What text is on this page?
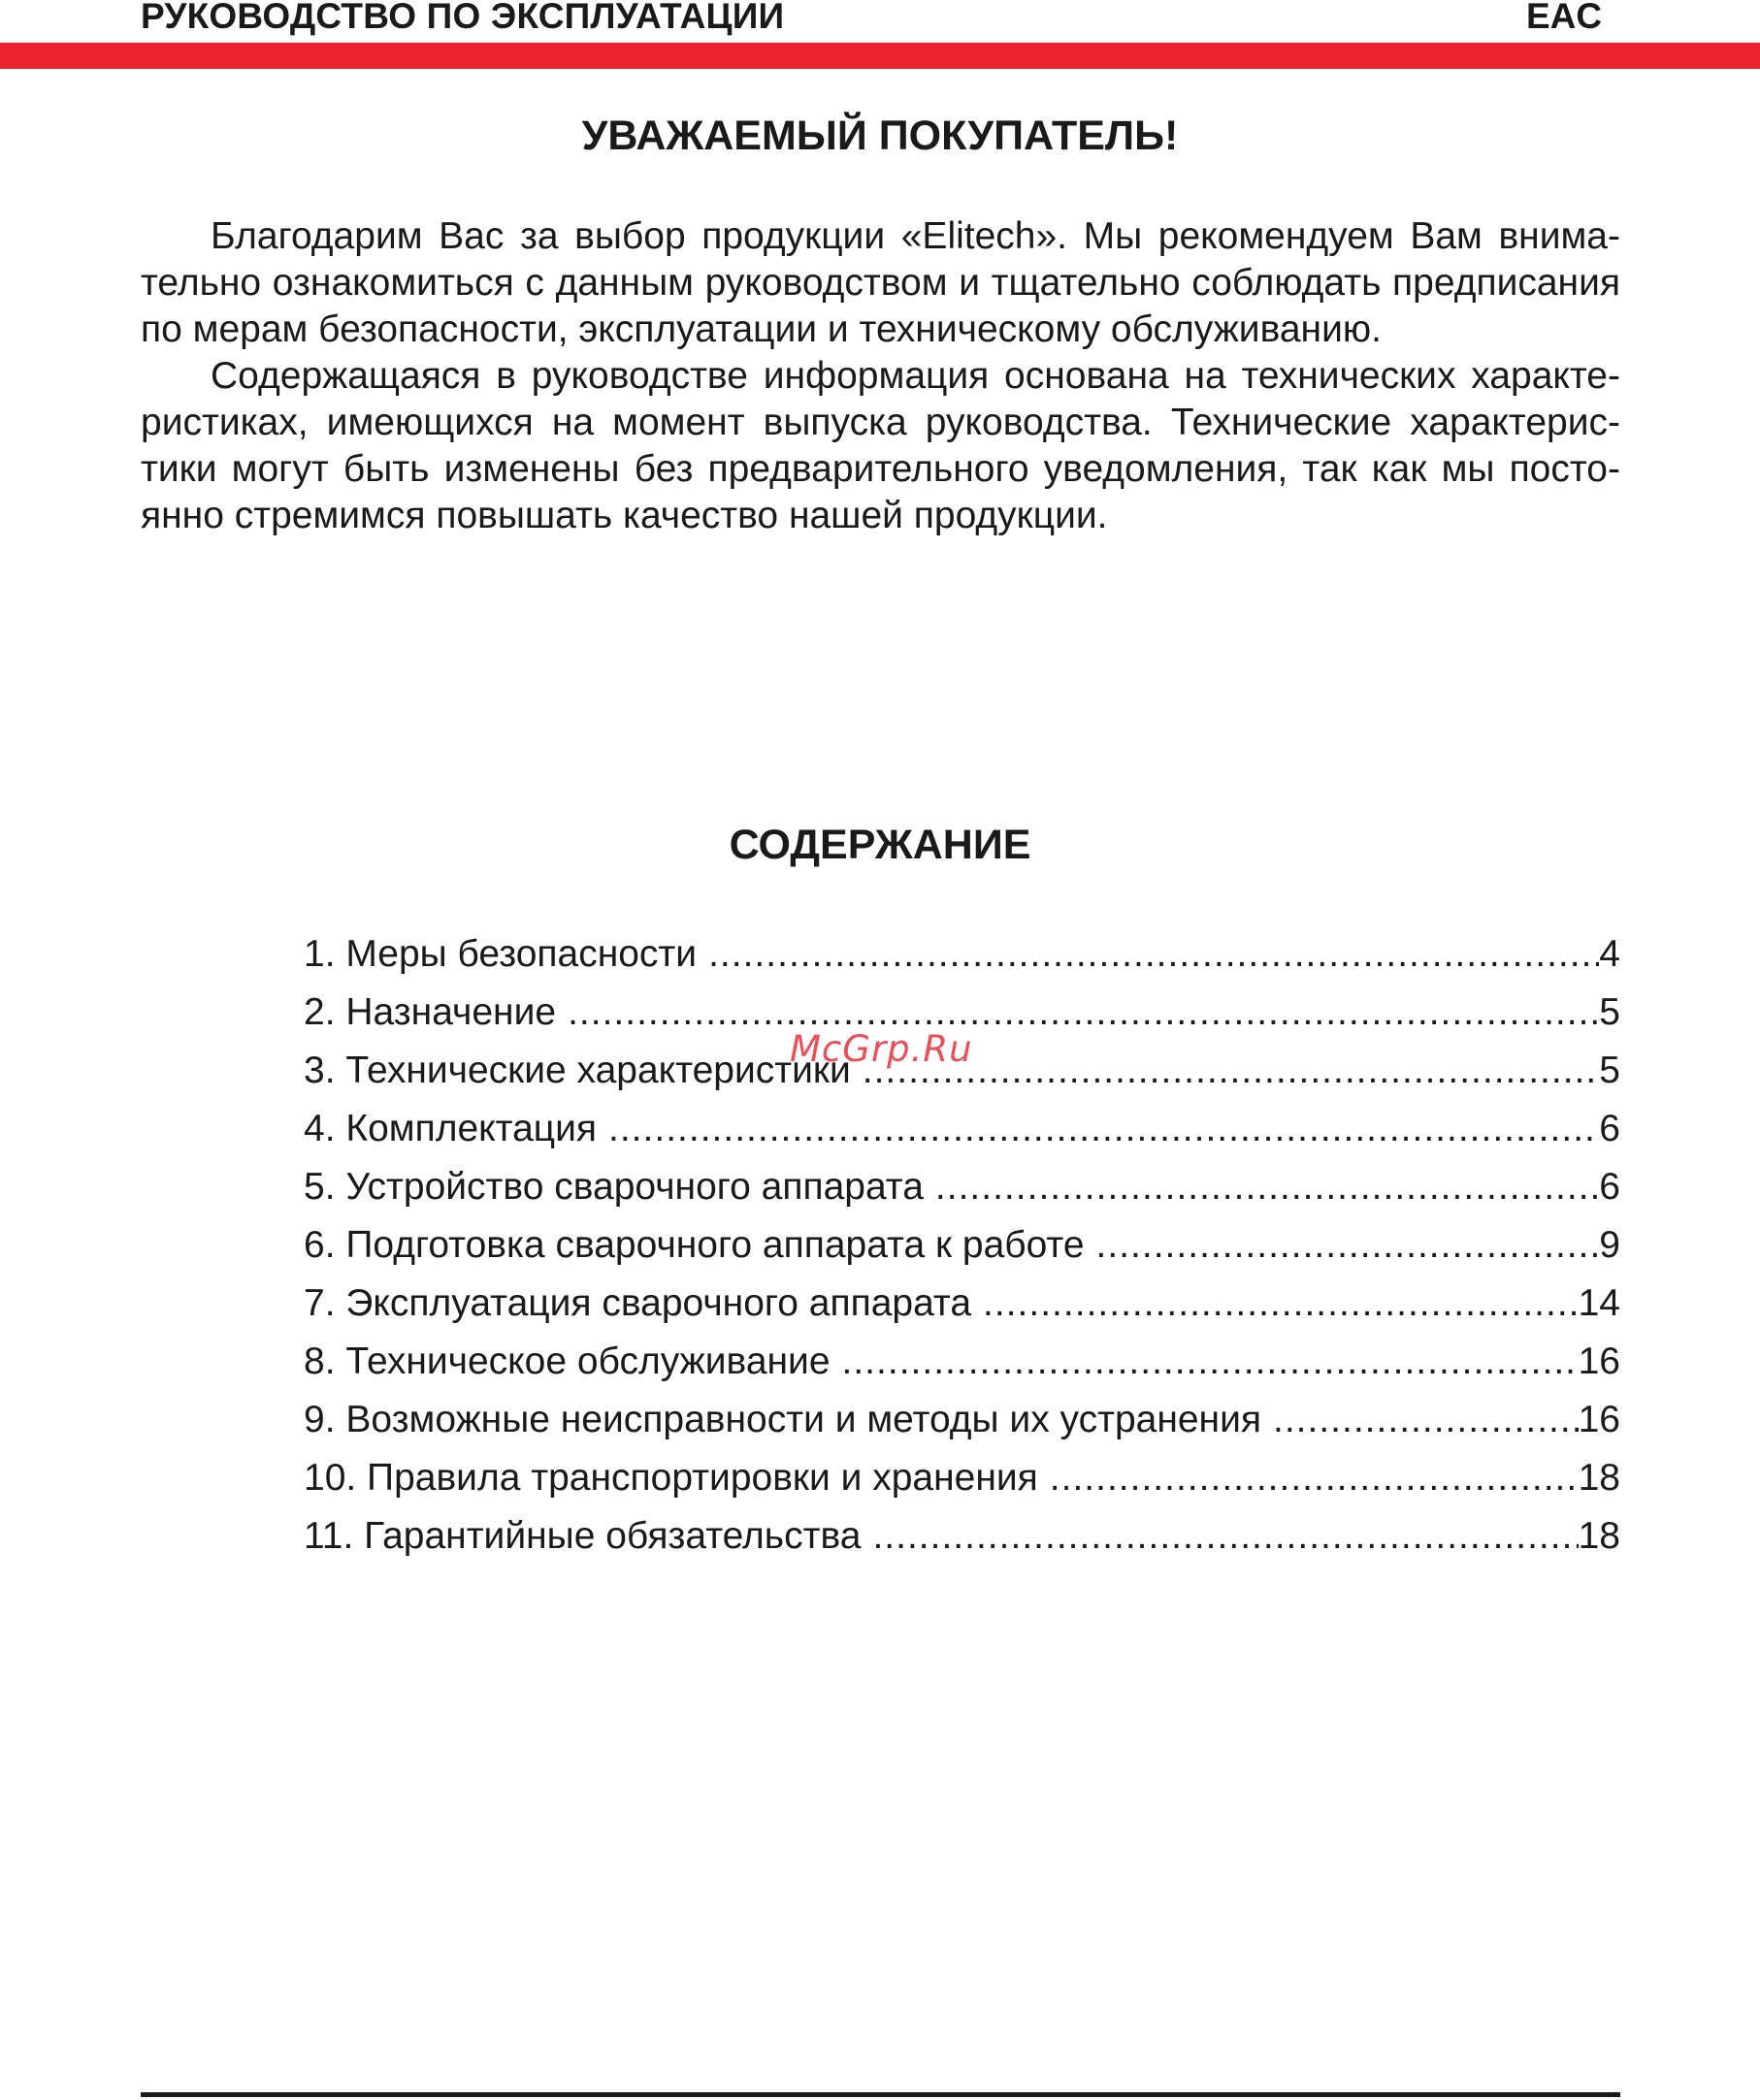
РУКОВОДСТВО ПО ЭКСПЛУАТАЦИИ	EAC
УВАЖАЕМЫЙ ПОКУПАТЕЛЬ!

Благодарим Вас за выбор продукции «Elitech». Мы рекомендуем Вам внимательно ознакомиться с данным руководством и тщательно соблюдать предписания по мерам безопасности, эксплуатации и техническому обслуживанию.

Содержащаяся в руководстве информация основана на технических характеристиках, имеющихся на момент выпуска руководства. Технические характеристики могут быть изменены без предварительного уведомления, так как мы постоянно стремимся повышать качество нашей продукции.

СОДЕРЖАНИЕ
1. Меры безопасности .....	4
2. Назначение .....	5
3. Технические характеристики .....	5
4. Комплектация .....	6
5. Устройство сварочного аппарата .....	6
6. Подготовка сварочного аппарата к работе .....	9
7. Эксплуатация сварочного аппарата .....	14
8. Техническое обслуживание .....	16
9. Возможные неисправности и методы их устранения .....	16
10. Правила транспортировки и хранения .....	18
11. Гарантийные обязательства .....	18
McGrp.Ru
